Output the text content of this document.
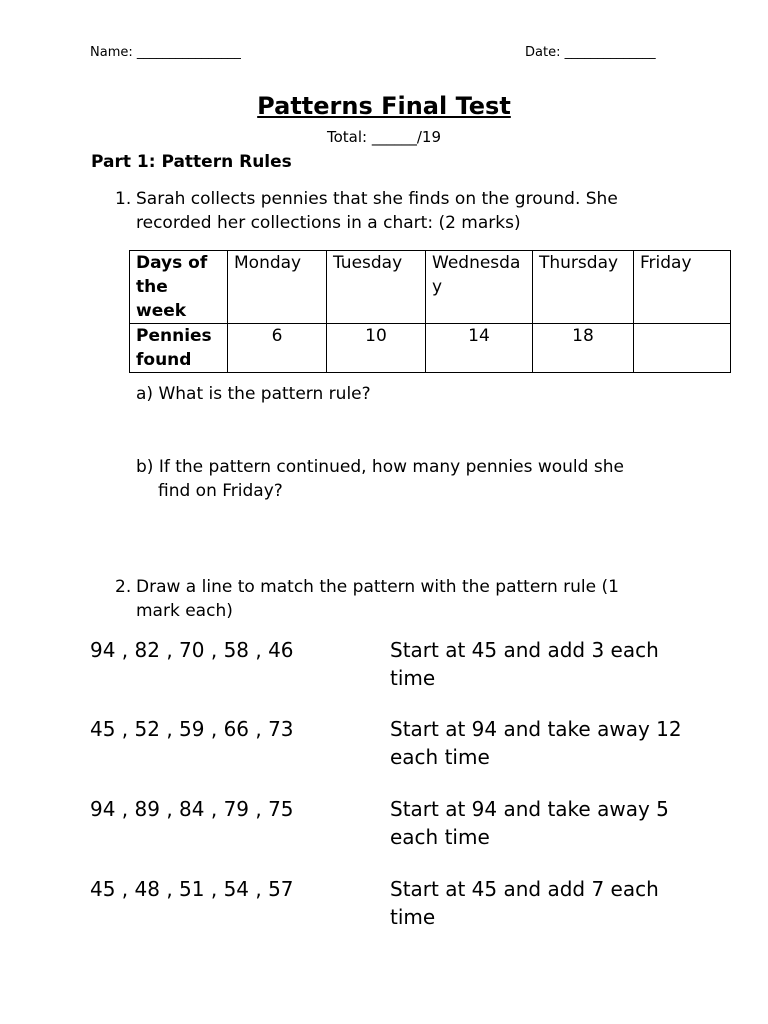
Name: ________________	Date: ______________
Patterns Final Test
Total: ______/19
Part 1: Pattern Rules
1. Sarah collects pennies that she finds on the ground. She recorded her collections in a chart: (2 marks)
Days of the week	Monday	Tuesday	Wednesday	Thursday	Friday
Pennies found	6	10	14	18	
a) What is the pattern rule?
b) If the pattern continued, how many pennies would she
find on Friday?
2. Draw a line to match the pattern with the pattern rule (1 mark each)
94 , 82 , 70 , 58 , 46	Start at 45 and add 3 each time
45 , 52 , 59 , 66 , 73	Start at 94 and take away 12 each time
94 , 89 , 84 , 79 , 75	Start at 94 and take away 5 each time
45 , 48 , 51 , 54 , 57	Start at 45 and add 7 each time
